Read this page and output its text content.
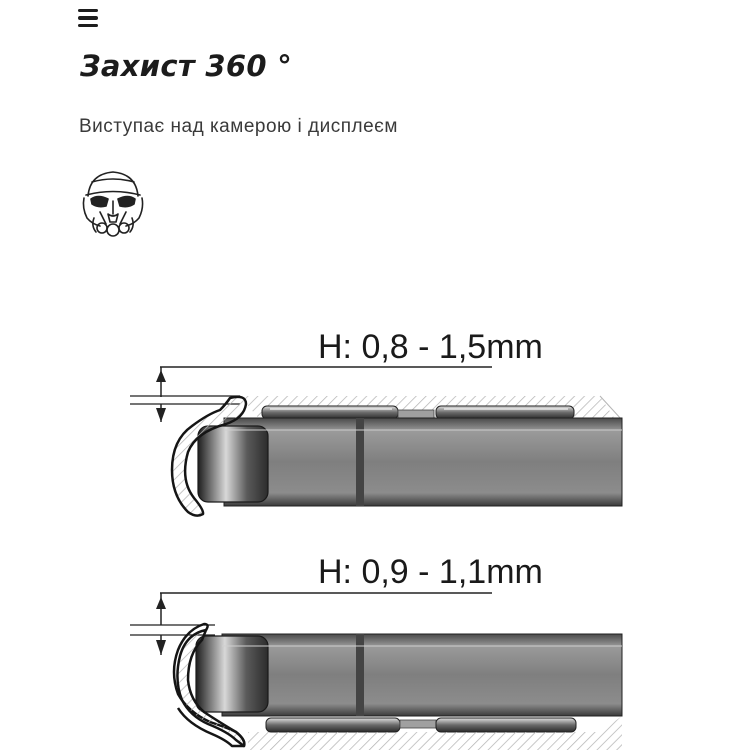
Захист 360 °

Виступає над камерою і дисплеєм

H: 0,8 - 1,5mm
H: 0,9 - 1,1mm
